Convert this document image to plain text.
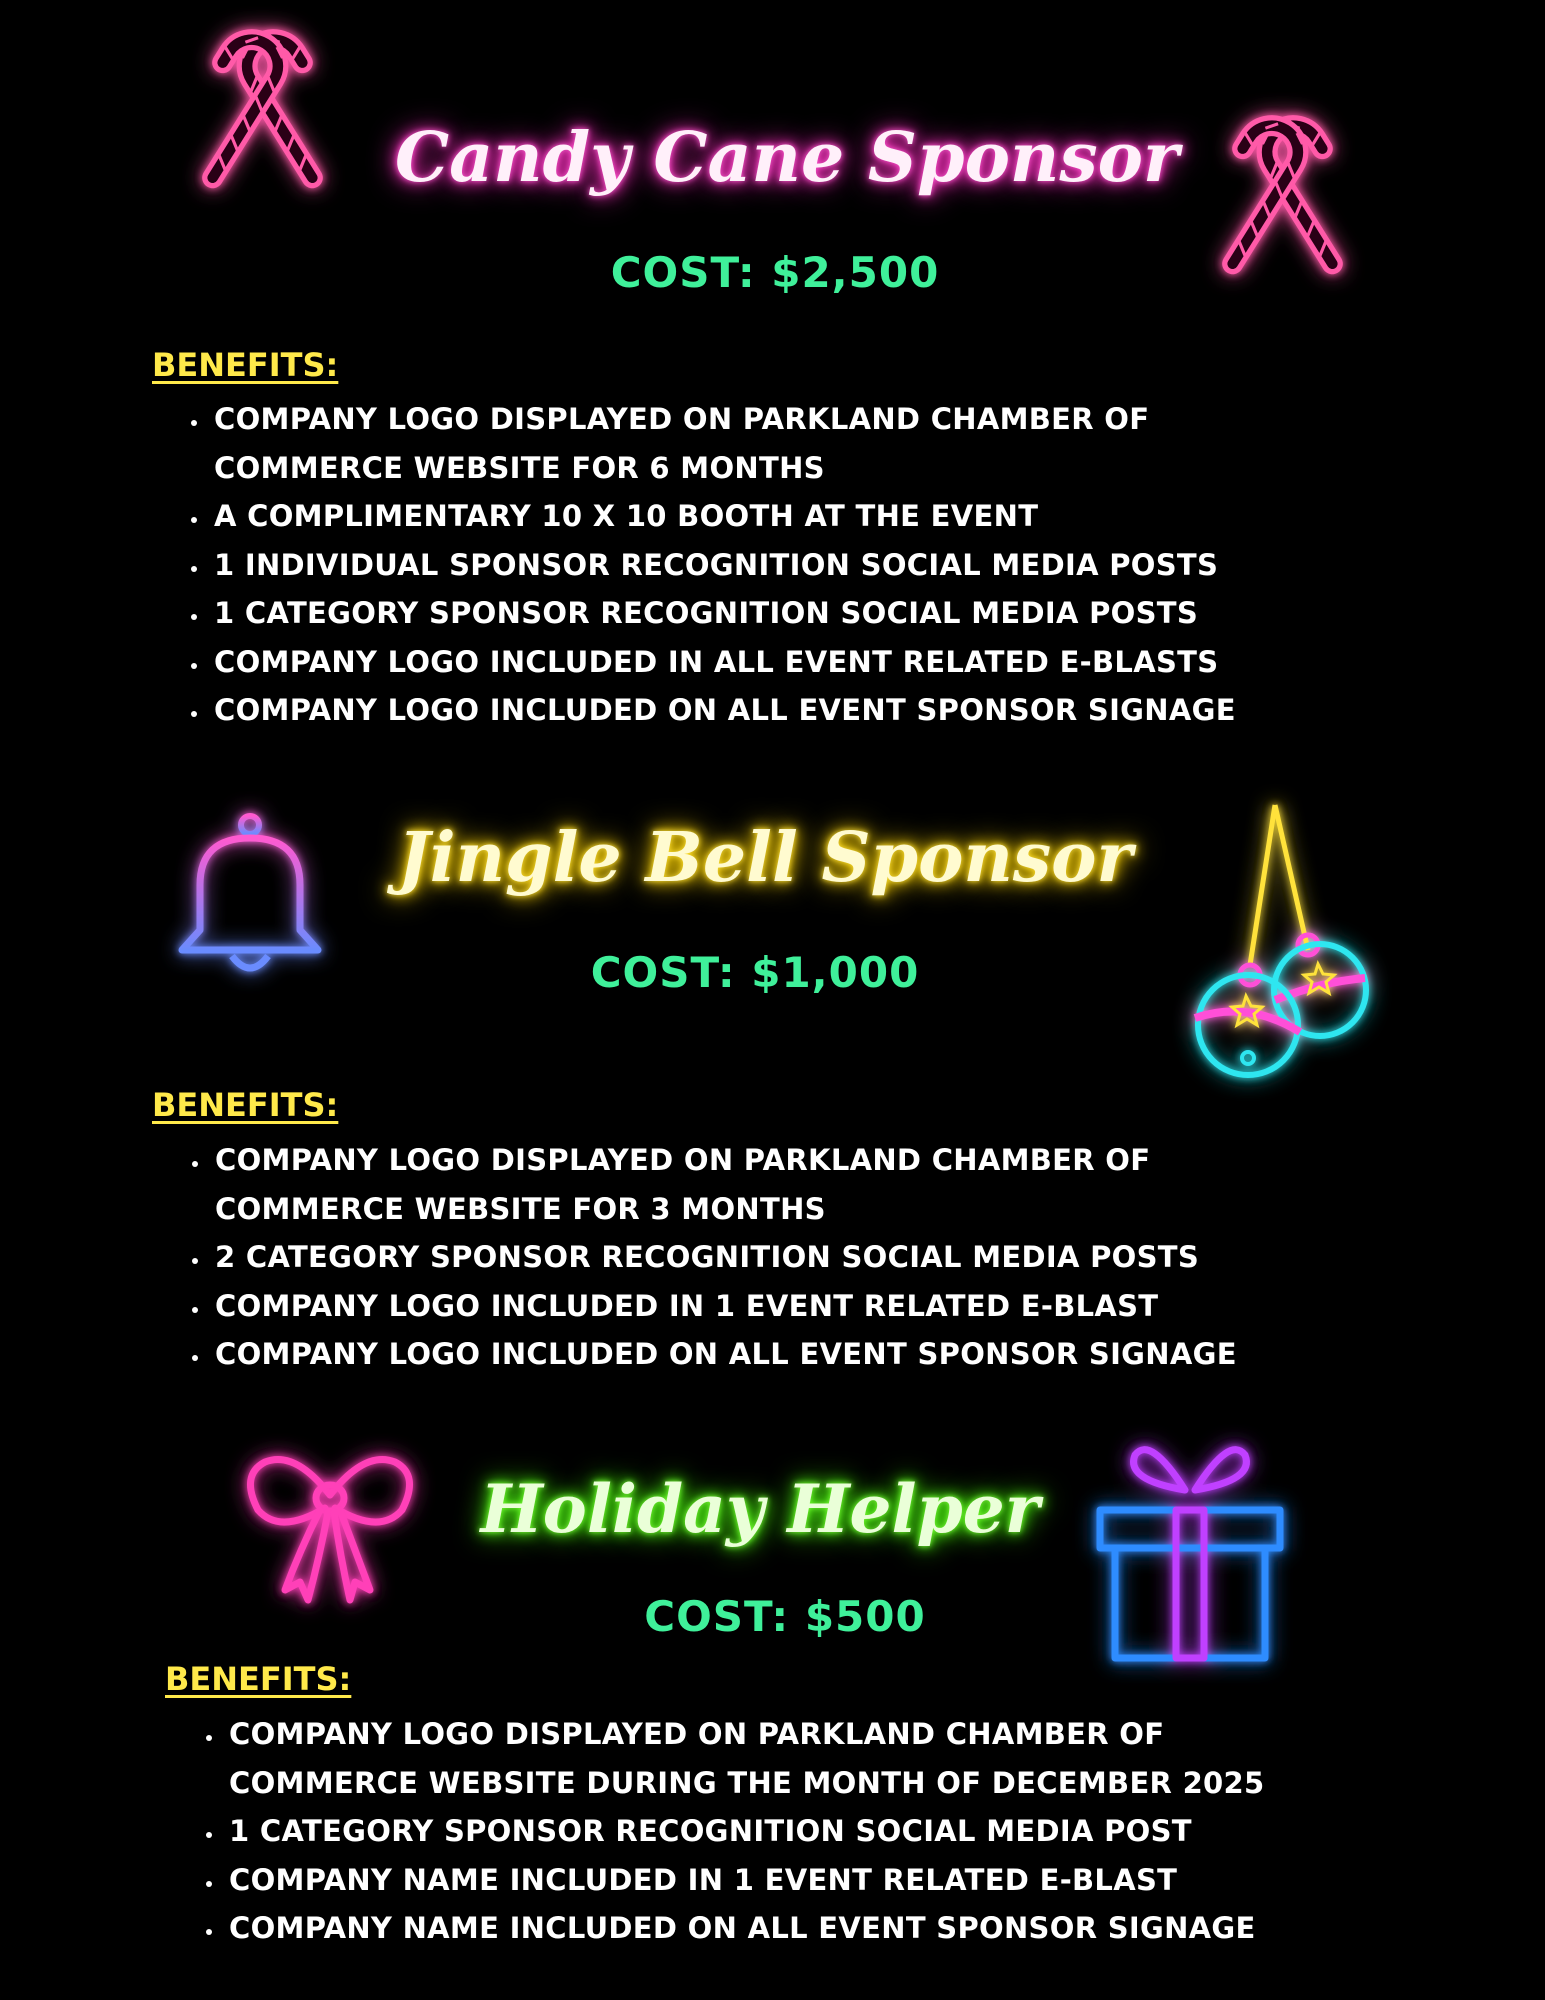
Candy Cane Sponsor
COST: $2,500
BENEFITS:
• COMPANY LOGO DISPLAYED ON PARKLAND CHAMBER OF COMMERCE WEBSITE FOR 6 MONTHS
• A COMPLIMENTARY 10 X 10 BOOTH AT THE EVENT
• 1 INDIVIDUAL SPONSOR RECOGNITION SOCIAL MEDIA POSTS
• 1 CATEGORY SPONSOR RECOGNITION SOCIAL MEDIA POSTS
• COMPANY LOGO INCLUDED IN ALL EVENT RELATED E-BLASTS
• COMPANY LOGO INCLUDED ON ALL EVENT SPONSOR SIGNAGE
Jingle Bell Sponsor
COST: $1,000
BENEFITS:
• COMPANY LOGO DISPLAYED ON PARKLAND CHAMBER OF COMMERCE WEBSITE FOR 3 MONTHS
• 2 CATEGORY SPONSOR RECOGNITION SOCIAL MEDIA POSTS
• COMPANY LOGO INCLUDED IN 1 EVENT RELATED E-BLAST
• COMPANY LOGO INCLUDED ON ALL EVENT SPONSOR SIGNAGE
Holiday Helper
COST: $500
BENEFITS:
• COMPANY LOGO DISPLAYED ON PARKLAND CHAMBER OF COMMERCE WEBSITE DURING THE MONTH OF DECEMBER 2025
• 1 CATEGORY SPONSOR RECOGNITION SOCIAL MEDIA POST
• COMPANY NAME INCLUDED IN 1 EVENT RELATED E-BLAST
• COMPANY NAME INCLUDED ON ALL EVENT SPONSOR SIGNAGE
